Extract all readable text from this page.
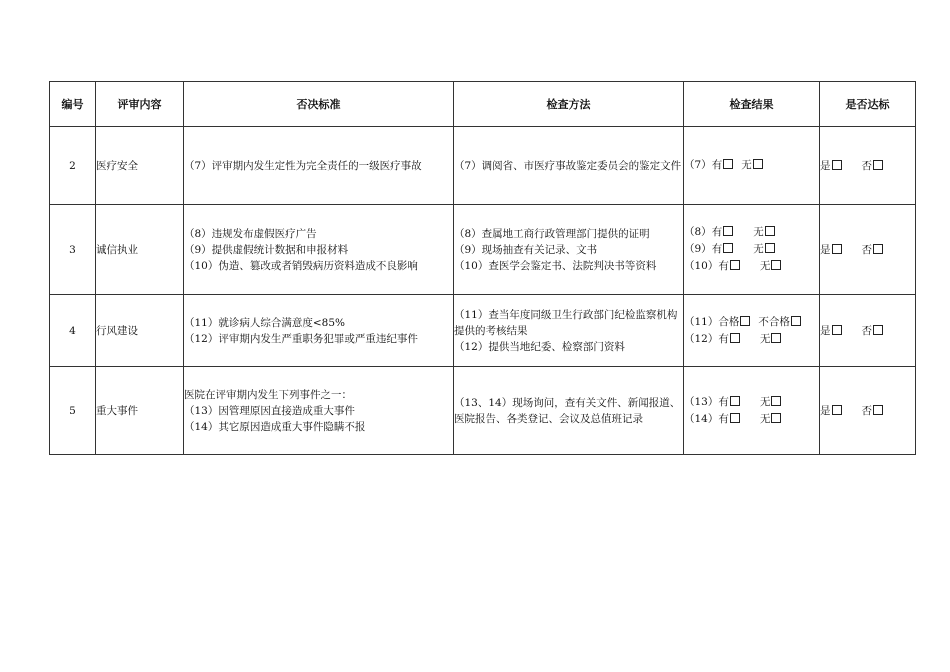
编号	评审内容	否决标准	检查方法	检查结果	是否达标
2	医疗安全	（7）评审期内发生定性为完全责任的一级医疗事故	（7）调阅省、市医疗事故鉴定委员会的鉴定文件	（7）有 无	是 否
3	诚信执业	（8）违规发布虚假医疗广告
（9）提供虚假统计数据和申报材料
（10）伪造、篡改或者销毁病历资料造成不良影响	（8）查属地工商行政管理部门提供的证明
（9）现场抽查有关记录、文书
（10）查医学会鉴定书、法院判决书等资料	（8）有 无
（9）有 无
（10）有 无	是 否
4	行风建设	（11）就诊病人综合满意度<85%
（12）评审期内发生严重职务犯罪或严重违纪事件	（11）查当年度同级卫生行政部门纪检监察机构提供的考核结果
（12）提供当地纪委、检察部门资料	（11）合格 不合格
（12）有 无	是 否
5	重大事件	医院在评审期内发生下列事件之一：
（13）因管理原因直接造成重大事件
（14）其它原因造成重大事件隐瞒不报	（13、14）现场询问，查有关文件、新闻报道、医院报告、各类登记、会议及总值班记录	（13）有 无
（14）有 无	是 否
